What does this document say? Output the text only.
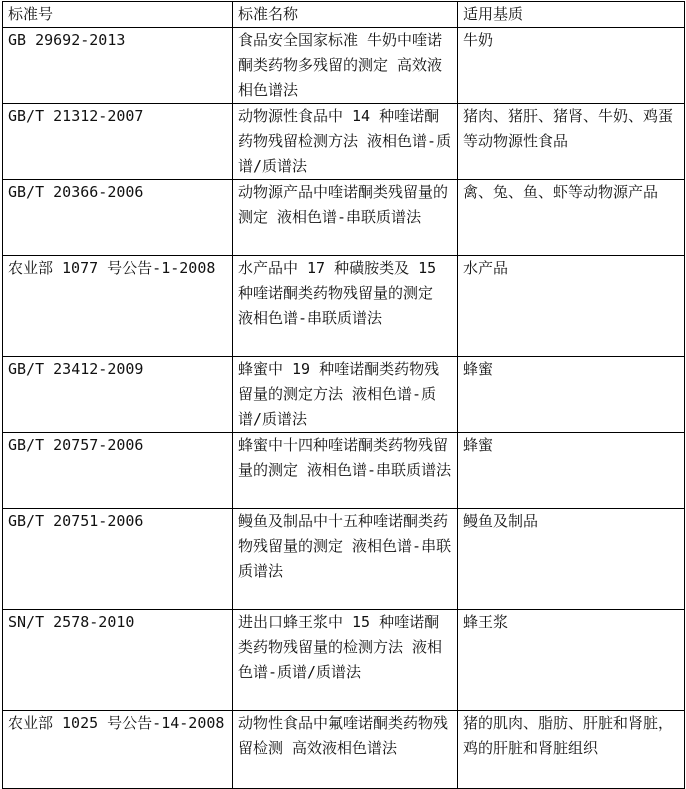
标准号	标准名称	适用基质
GB 29692-2013	食品安全国家标准 牛奶中喹诺酮类药物多残留的测定 高效液相色谱法	牛奶
GB/T 21312-2007	动物源性食品中 14 种喹诺酮药物残留检测方法 液相色谱-质谱/质谱法	猪肉、猪肝、猪肾、牛奶、鸡蛋等动物源性食品
GB/T 20366-2006	动物源产品中喹诺酮类残留量的测定 液相色谱-串联质谱法	禽、兔、鱼、虾等动物源产品
农业部 1077 号公告-1-2008	水产品中 17 种磺胺类及 15 种喹诺酮类药物残留量的测定 液相色谱-串联质谱法	水产品
GB/T 23412-2009	蜂蜜中 19 种喹诺酮类药物残留量的测定方法 液相色谱-质谱/质谱法	蜂蜜
GB/T 20757-2006	蜂蜜中十四种喹诺酮类药物残留量的测定 液相色谱-串联质谱法	蜂蜜
GB/T 20751-2006	鳗鱼及制品中十五种喹诺酮类药物残留量的测定 液相色谱-串联质谱法	鳗鱼及制品
SN/T 2578-2010	进出口蜂王浆中 15 种喹诺酮类药物残留量的检测方法 液相色谱-质谱/质谱法	蜂王浆
农业部 1025 号公告-14-2008	动物性食品中氟喹诺酮类药物残留检测 高效液相色谱法	猪的肌肉、脂肪、肝脏和肾脏，鸡的肝脏和肾脏组织
